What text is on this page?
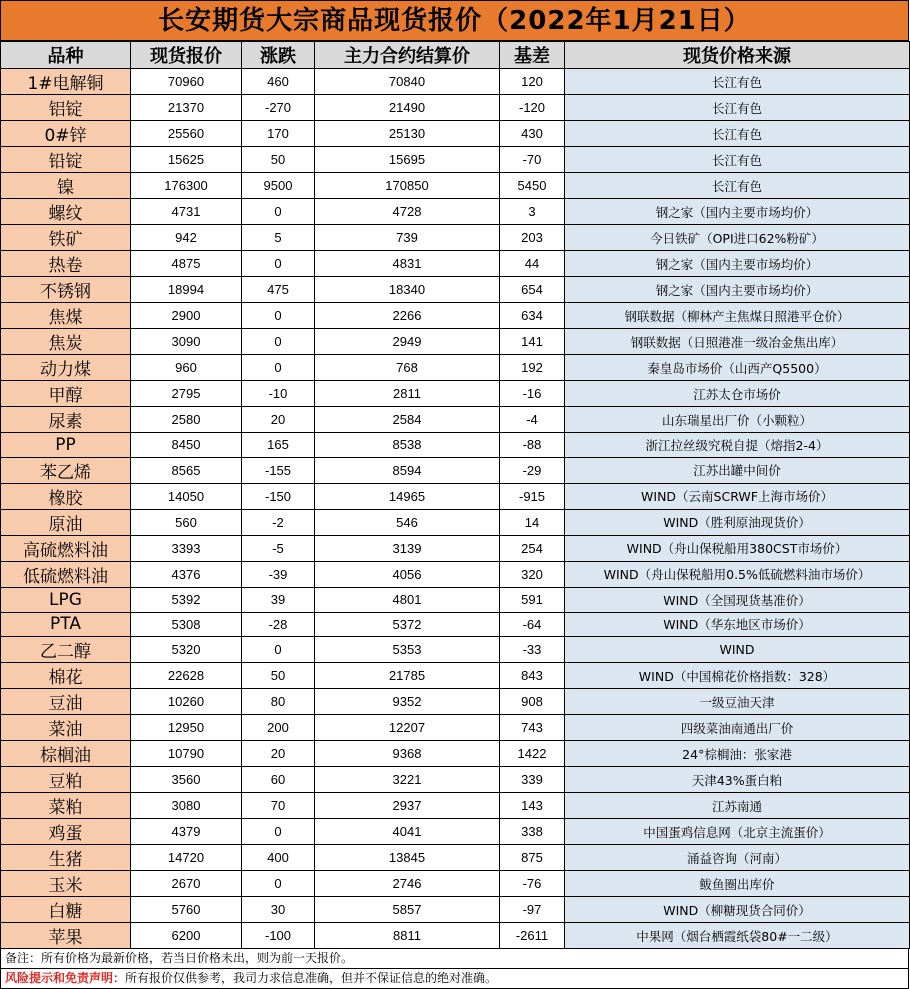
长安期货大宗商品现货报价（2022年1月21日）
品种	现货报价	涨跌	主力合约结算价	基差	现货价格来源
1#电解铜	70960	460	70840	120	长江有色
铝锭	21370	-270	21490	-120	长江有色
0#锌	25560	170	25130	430	长江有色
铅锭	15625	50	15695	-70	长江有色
镍	176300	9500	170850	5450	长江有色
螺纹	4731	0	4728	3	钢之家（国内主要市场均价）
铁矿	942	5	739	203	今日铁矿（OPI进口62%粉矿）
热卷	4875	0	4831	44	钢之家（国内主要市场均价）
不锈钢	18994	475	18340	654	钢之家（国内主要市场均价）
焦煤	2900	0	2266	634	钢联数据（柳林产主焦煤日照港平仓价）
焦炭	3090	0	2949	141	钢联数据（日照港准一级冶金焦出库）
动力煤	960	0	768	192	秦皇岛市场价（山西产Q5500）
甲醇	2795	-10	2811	-16	江苏太仓市场价
尿素	2580	20	2584	-4	山东瑞星出厂价（小颗粒）
PP	8450	165	8538	-88	浙江拉丝级究税自提（熔指2-4）
苯乙烯	8565	-155	8594	-29	江苏出罐中间价
橡胶	14050	-150	14965	-915	WIND（云南SCRWF上海市场价）
原油	560	-2	546	14	WIND（胜利原油现货价）
高硫燃料油	3393	-5	3139	254	WIND（舟山保税船用380CST市场价）
低硫燃料油	4376	-39	4056	320	WIND（舟山保税船用0.5%低硫燃料油市场价）
LPG	5392	39	4801	591	WIND（全国现货基准价）
PTA	5308	-28	5372	-64	WIND（华东地区市场价）
乙二醇	5320	0	5353	-33	WIND
棉花	22628	50	21785	843	WIND（中国棉花价格指数：328）
豆油	10260	80	9352	908	一级豆油天津
菜油	12950	200	12207	743	四级菜油南通出厂价
棕榈油	10790	20	9368	1422	24°棕榈油：张家港
豆粕	3560	60	3221	339	天津43%蛋白粕
菜粕	3080	70	2937	143	江苏南通
鸡蛋	4379	0	4041	338	中国蛋鸡信息网（北京主流蛋价）
生猪	14720	400	13845	875	涌益咨询（河南）
玉米	2670	0	2746	-76	鲅鱼圈出库价
白糖	5760	30	5857	-97	WIND（柳糖现货合同价）
苹果	6200	-100	8811	-2611	中果网（烟台栖霞纸袋80#一二级）
备注：所有价格为最新价格，若当日价格未出，则为前一天报价。
风险提示和免责声明：所有报价仅供参考，我司力求信息准确，但并不保证信息的绝对准确。
